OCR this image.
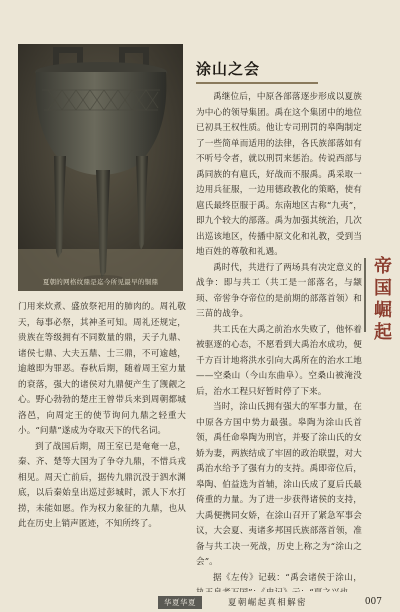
夏朝的网格纹鼎是迄今所见最早的铜鼎
涂山之会

禹继位后，中原各部落逐步形成以夏族为中心的领导集团。禹在这个集团中的地位已初具王权性质。他让专司刑罚的皋陶制定了一些简单而适用的法律，各氏族部落如有不听号令者，就以刑罚来惩治。传说西部与禹同族的有扈氏，好战而不服禹。禹采取一边用兵征服，一边用德政教化的策略，使有扈氏最终臣服于禹。东南地区古称“九夷”，即九个较大的部落。禹为加强其统治，几次出巡该地区，传播中原文化和礼教，受到当地百姓的尊敬和礼遇。

禹时代，共进行了两场具有决定意义的战争：即与共工（共工是一部落名，与颛顼、帝喾争夺帝位的是前期的部落首领）和三苗的战争。

共工氏在大禹之前治水失败了，他怀着被驱逐的心态，不愿看到大禹治水成功，便千方百计地将洪水引向大禹所在的治水工地——空桑山（今山东曲阜）。空桑山被淹没后，治水工程只好暂时停了下来。

当时，涂山氏拥有强大的军事力量，在中原各方国中势力最强。皋陶为涂山氏首领，禹任命皋陶为刑官，并娶了涂山氏的女娇为妻，两族结成了牢固的政治联盟，对大禹治水给予了强有力的支持。禹即帝位后，皋陶、伯益选为首辅，涂山氏成了夏后氏最倚重的力量。为了进一步获得诸侯的支持，大禹便携同女娇，在涂山召开了紧急军事会议，大会夏、夷诸多邦国氏族部落首领，准备与共工决一死战，历史上称之为“涂山之会”。

据《左传》记载：“禹会诸侯于涂山，

门用来炊煮、盛放祭祀用的肺肉的。周礼敬天，每事必祭，其神圣可知。周礼还规定，贵族在等级拥有不同数量的鼎，天子九鼎、诸侯七鼎、大夫五鼎、士三鼎，不可逾越，逾越即为罪恶。春秋后期，随着周王室力量的衰落，强大的诸侯对九鼎便产生了觊觎之心。野心勃勃的楚庄王曾带兵来到周朝都城洛邑，向周定王的使节询问九鼎之轻重大小。“问鼎”遂成为夺取天下的代名词。

到了战国后期，周王室已是奄奄一息，秦、齐、楚等大国为了争夺九鼎，不惜兵戎相见。周天亡前后，据传九鼎沉没于泗水渊底，以后秦始皇出巡过彭城时，派人下水打捞，未能如愿。作为权力象征的九鼎，也从此在历史上销声匿迹，不知所终了。

帝
国
崛
起
华夏华夏	夏朝崛起真相解密	007
